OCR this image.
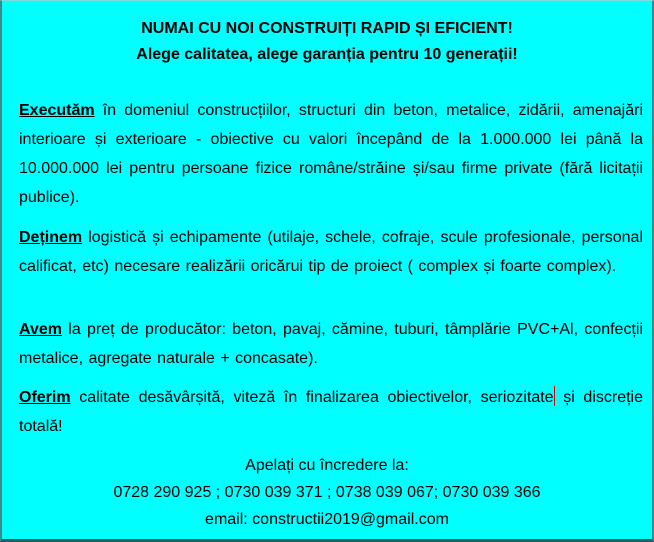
NUMAI CU NOI CONSTRUIȚI RAPID ȘI EFICIENT!
Alege calitatea, alege garanția pentru 10 generații!
Executăm în domeniul construcțiilor, structuri din beton, metalice, zidării, amenajări interioare și exterioare - obiective cu valori începând de la 1.000.000 lei până la 10.000.000 lei pentru persoane fizice române/străine și/sau firme private (fără licitații publice).
Deținem logistică și echipamente (utilaje, schele, cofraje, scule profesionale, personal calificat, etc) necesare realizării oricărui tip de proiect ( complex și foarte complex).
Avem la preț de producător: beton, pavaj, cămine, tuburi, tâmplărie PVC+Al, confecții metalice, agregate naturale + concasate).
Oferim calitate desăvârșită, viteză în finalizarea obiectivelor, seriozitate și discreție totală!
Apelați cu încredere la:
0728 290 925 ; 0730 039 371 ; 0738 039 067; 0730 039 366
email: constructii2019@gmail.com
